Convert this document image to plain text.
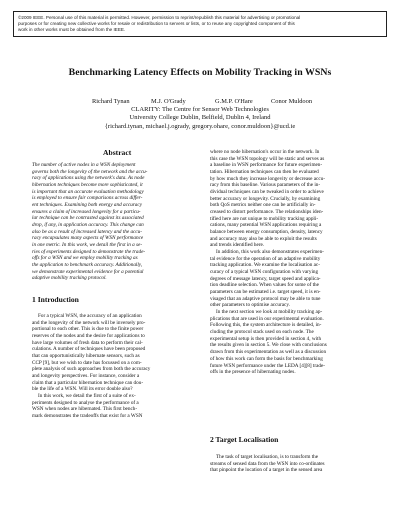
©2009 IEEE. Personal use of this material is permitted. However, permission to reprint/republish this material for advertising or promotional
purposes or for creating new collective works for resale or redistribution to servers or lists, or to reuse any copyrighted component of this
work in other works must be obtained from the IEEE.
Benchmarking Latency Effects on Mobility Tracking in WSNs
Richard Tynan	M.J. O'Grady	G.M.P. O'Hare	Conor Muldoon
CLARITY: The Centre for Sensor Web Technologies
University College Dublin, Belfield, Dublin 4, Ireland
{richard.tynan, michael.j.ogrady, gregory.ohare, conor.muldoon}@ucd.ie
Abstract
The number of active nodes in a WSN deployment
governs both the longevity of the network and the accu-
racy of applications using the network's data. As node
hibernation techniques become more sophisticated, it
is important that an accurate evaluation methodology
is employed to ensure fair comparisons across differ-
ent techniques. Examining both energy and accuracy
ensures a claim of increased longevity for a particu-
lar technique can be contrasted against its associated
drop, if any, in application accuracy. This change can
also be as a result of increased latency and the accu-
racy encapsulates many aspects of WSN performance
in one metric. In this work, we detail the first in a se-
ries of experiments designed to demonstrate the trade-
offs for a WSN and we employ mobility tracking as
the application to benchmark accuracy. Additionally,
we demonstrate experimental evidence for a potential
adaptive mobility tracking protocol.
1 Introduction
For a typical WSN, the accuracy of an application
and the longevity of the network will be inversely pro-
portional to each other. This is due to the finite power
reserves of the nodes and the desire for applications to
have large volumes of fresh data to perform their cal-
culations. A number of techniques have been proposed
that can opportunistically hibernate sensors, such as
CCP [9], but we wish to date has focussed on a com-
plete analysis of such approaches from both the accuracy
and longevity perspectives. For instance, consider a
claim that a particular hibernation technique can dou-
ble the life of a WSN. Will its error double also?
In this work, we detail the first of a suite of ex-
periments designed to analyse the performance of a
WSN when nodes are hibernated. This first bench-
mark demonstrates the tradeoffs that exist for a WSN
where no node hibernation's occur in the network. In
this case the WSN topology will be static and serves as
a baseline in WSN performance for future experimen-
tation. Hibernation techniques can then be evaluated
by how much they increase longevity or decrease accu-
racy from this baseline. Various parameters of the in-
dividual techniques can be tweaked in order to achieve
better accuracy or longevity. Crucially, by examining
both QoS metrics neither one can be artificially in-
creased to distort performance. The relationships iden-
tified here are not unique to mobility tracking appli-
cations, many potential WSN applications requiring a
balance between energy consumption, density, latency
and accuracy may also be able to exploit the results
and trends identified here.
In addition, this work also demonstrates experimen-
tal evidence for the operation of an adaptive mobility
tracking application. We examine the localisation ac-
curacy of a typical WSN configuration with varying
degrees of message latency, target speed and applica-
tion deadline selection. When values for some of the
parameters can be estimated i.e. target speed, it is en-
visaged that an adaptive protocol may be able to tune
other parameters to optimise accuracy.
In the next section we look at mobility tracking ap-
plications that are used in our experimental evaluation.
Following this, the system architecture is detailed, in-
cluding the protocol stack used on each node. The
experimental setup is then provided in section 4, with
the results given in section 5. We close with conclusions
drawn from this experimentation as well as a discussion
of how this work can form the basis for benchmarking
future WSN performance under the LEDA [4][8] trade-
offs in the presence of hibernating nodes.
2 Target Localisation
The task of target localisation, is to transform the
streams of sensed data from the WSN into co-ordinates
that pinpoint the location of a target in the sensed area
